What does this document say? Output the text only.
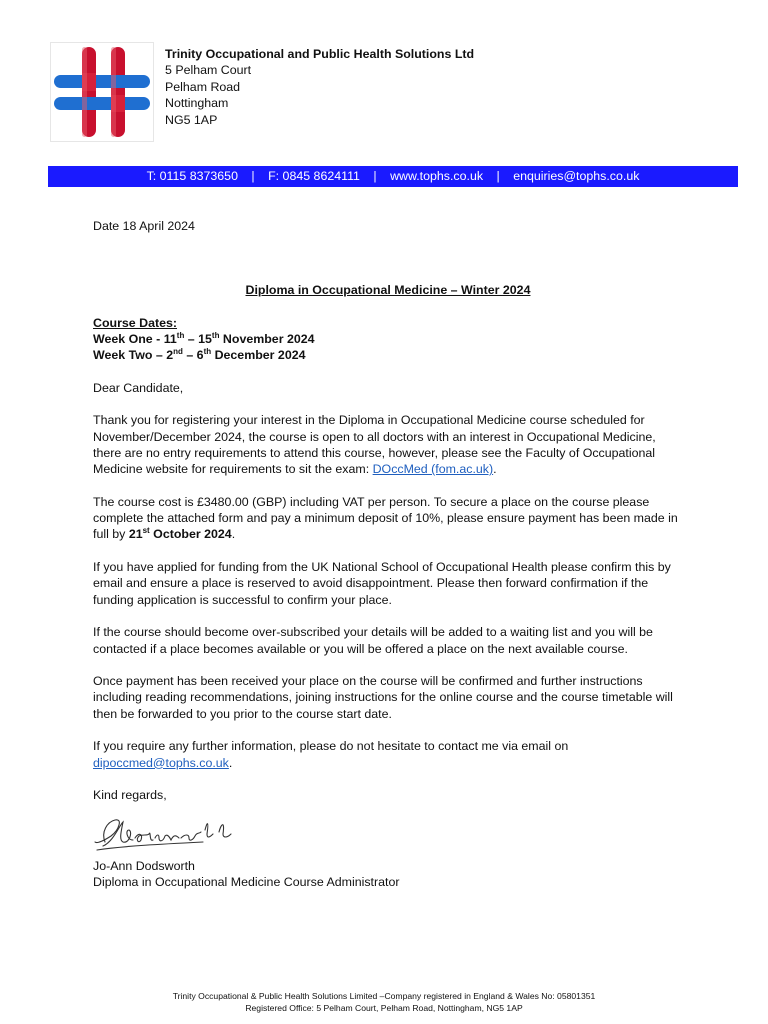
Trinity Occupational and Public Health Solutions Ltd
5 Pelham Court
Pelham Road
Nottingham
NG5 1AP
T: 0115 8373650 | F: 0845 8624111 | www.tophs.co.uk | enquiries@tophs.co.uk
Date 18 April 2024
Diploma in Occupational Medicine – Winter 2024
Course Dates:
Week One - 11th – 15th November 2024
Week Two – 2nd – 6th December 2024

Dear Candidate,

Thank you for registering your interest in the Diploma in Occupational Medicine course scheduled for November/December 2024, the course is open to all doctors with an interest in Occupational Medicine, there are no entry requirements to attend this course, however, please see the Faculty of Occupational Medicine website for requirements to sit the exam: DOccMed (fom.ac.uk).

The course cost is £3480.00 (GBP) including VAT per person. To secure a place on the course please complete the attached form and pay a minimum deposit of 10%, please ensure payment has been made in full by 21st October 2024.

If you have applied for funding from the UK National School of Occupational Health please confirm this by email and ensure a place is reserved to avoid disappointment. Please then forward confirmation if the funding application is successful to confirm your place.

If the course should become over-subscribed your details will be added to a waiting list and you will be contacted if a place becomes available or you will be offered a place on the next available course.

Once payment has been received your place on the course will be confirmed and further instructions including reading recommendations, joining instructions for the online course and the course timetable will then be forwarded to you prior to the course start date.

If you require any further information, please do not hesitate to contact me via email on dipoccmed@tophs.co.uk.

Kind regards,

Jo-Ann Dodsworth
Diploma in Occupational Medicine Course Administrator
Trinity Occupational & Public Health Solutions Limited –Company registered in England & Wales No: 05801351
Registered Office: 5 Pelham Court, Pelham Road, Nottingham, NG5 1AP
